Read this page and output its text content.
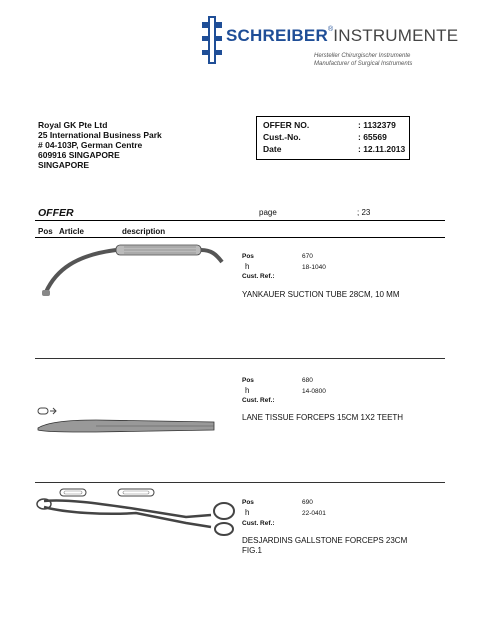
SCHREIBER®INSTRUMENTE
Hersteller Chirurgischer Instrumente
Manufacturer of Surgical Instruments
Royal GK Pte Ltd
25 International Business Park
# 04-103P, German Centre
609916 SINGAPORE
SINGAPORE
OFFER NO.	: 1132379
Cust.-No.	: 65569
Date	: 12.11.2013
OFFER	page	; 23
Pos Article	description
Pos	670
h	18-1040
Cust. Ref.:
YANKAUER SUCTION TUBE 28CM, 10 MM
Pos	680
h	14-0800
Cust. Ref.:
LANE TISSUE FORCEPS 15CM 1X2 TEETH
Pos	690
h	22-0401
Cust. Ref.:
DESJARDINS GALLSTONE FORCEPS 23CM
FIG.1
